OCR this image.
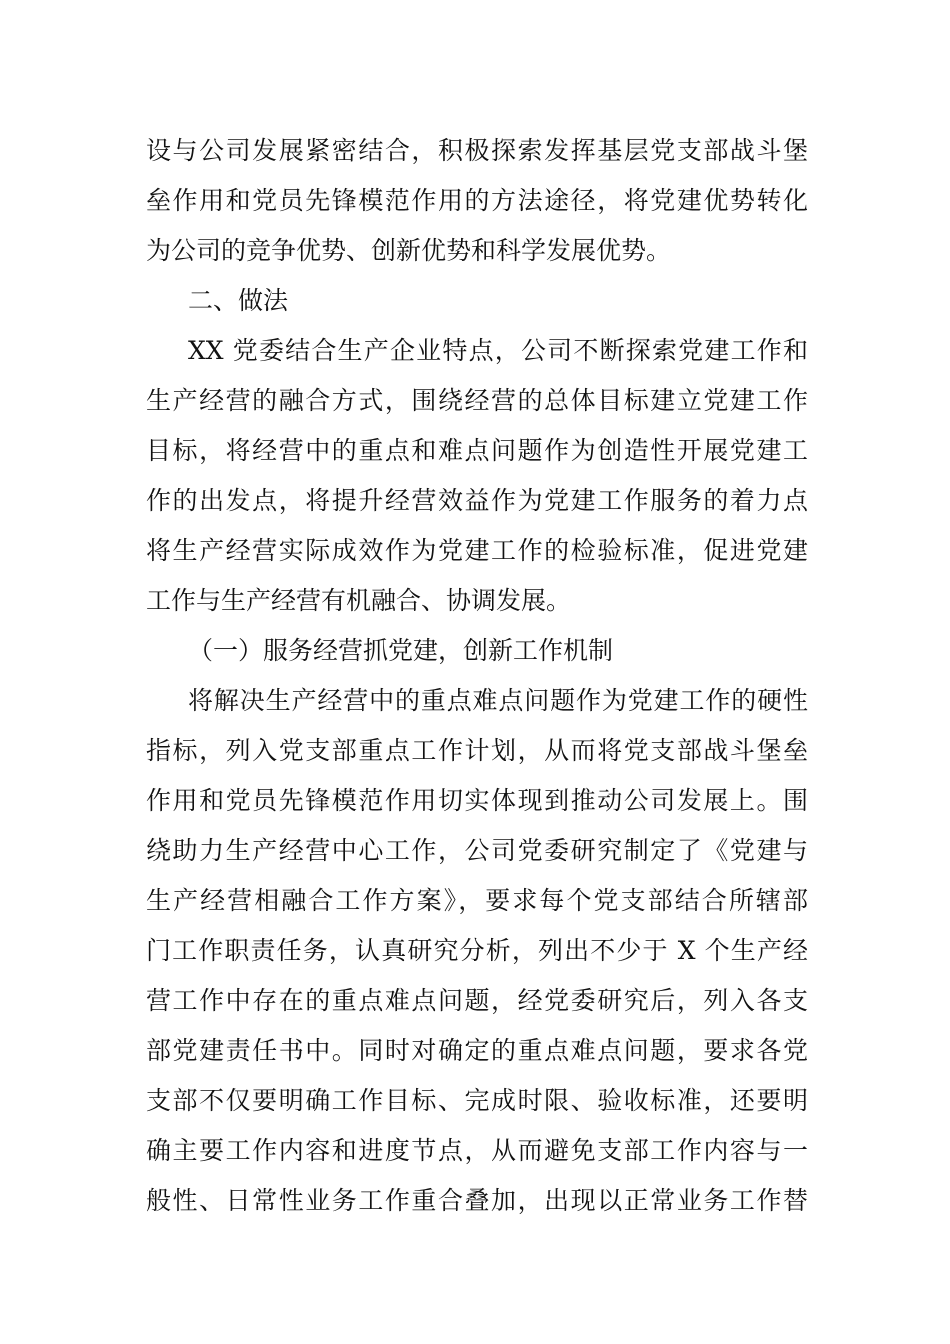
设与公司发展紧密结合，积极探索发挥基层党支部战斗堡
垒作用和党员先锋模范作用的方法途径，将党建优势转化
为公司的竞争优势、创新优势和科学发展优势。
二、做法
XX 党委结合生产企业特点，公司不断探索党建工作和
生产经营的融合方式，围绕经营的总体目标建立党建工作
目标，将经营中的重点和难点问题作为创造性开展党建工
作的出发点，将提升经营效益作为党建工作服务的着力点
将生产经营实际成效作为党建工作的检验标准，促进党建
工作与生产经营有机融合、协调发展。
（一）服务经营抓党建，创新工作机制
将解决生产经营中的重点难点问题作为党建工作的硬性
指标，列入党支部重点工作计划，从而将党支部战斗堡垒
作用和党员先锋模范作用切实体现到推动公司发展上。围
绕助力生产经营中心工作，公司党委研究制定了《党建与
生产经营相融合工作方案》，要求每个党支部结合所辖部
门工作职责任务，认真研究分析，列出不少于 X 个生产经
营工作中存在的重点难点问题，经党委研究后，列入各支
部党建责任书中。同时对确定的重点难点问题，要求各党
支部不仅要明确工作目标、完成时限、验收标准，还要明
确主要工作内容和进度节点，从而避免支部工作内容与一
般性、日常性业务工作重合叠加，出现以正常业务工作替
